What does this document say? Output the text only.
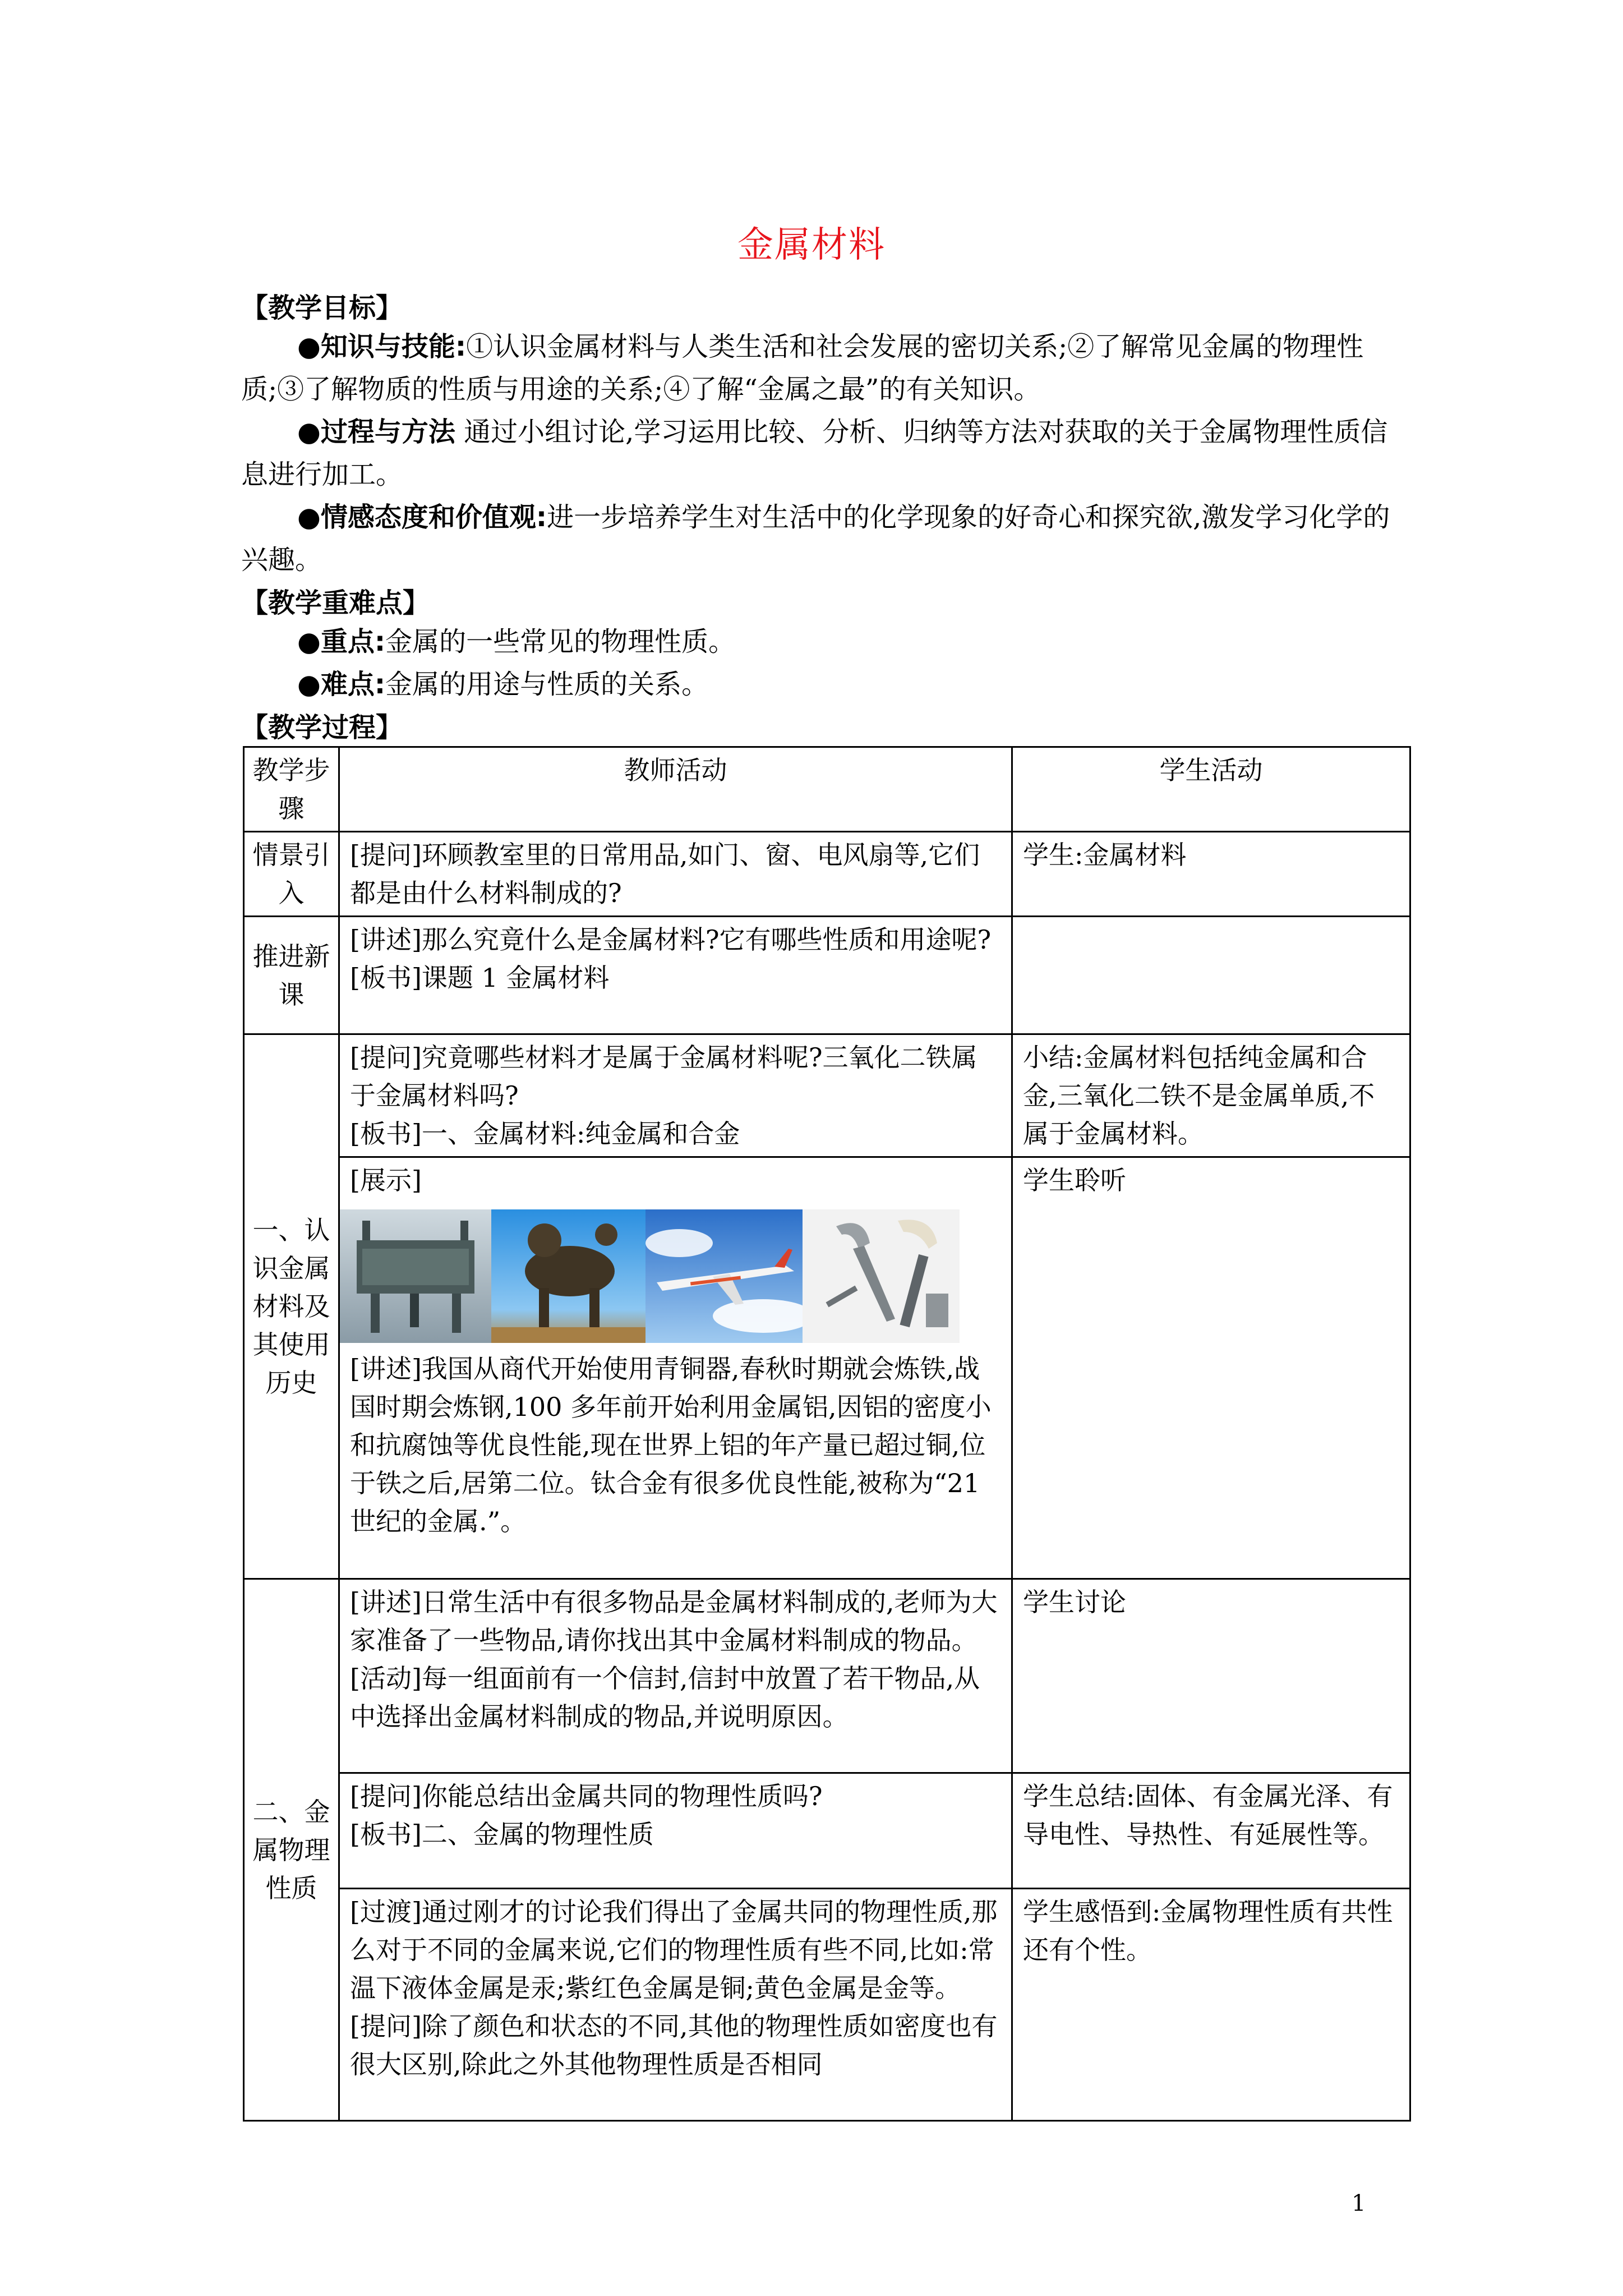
金属材料
【教学目标】
●知识与技能:①认识金属材料与人类生活和社会发展的密切关系;②了解常见金属的物理性质;③了解物质的性质与用途的关系;④了解“金属之最”的有关知识。
●过程与方法 通过小组讨论,学习运用比较、分析、归纳等方法对获取的关于金属物理性质信息进行加工。
●情感态度和价值观:进一步培养学生对生活中的化学现象的好奇心和探究欲,激发学习化学的兴趣。
【教学重难点】
●重点:金属的一些常见的物理性质。
●难点:金属的用途与性质的关系。
【教学过程】
教学步骤	教师活动	学生活动
情景引入	[提问]环顾教室里的日常用品,如门、窗、电风扇等,它们都是由什么材料制成的?	学生:金属材料
推进新课	[讲述]那么究竟什么是金属材料?它有哪些性质和用途呢?
[板书]课题 1 金属材料	

一、认识金属材料及其使用历史	[提问]究竟哪些材料才是属于金属材料呢?三氧化二铁属于金属材料吗?
[板书]一、金属材料:纯金属和合金	小结:金属材料包括纯金属和合金,三氧化二铁不是金属单质,不属于金属材料。

	[展示]
[讲述]我国从商代开始使用青铜器,春秋时期就会炼铁,战国时期会炼钢,100 多年前开始利用金属铝,因铝的密度小和抗腐蚀等优良性能,现在世界上铝的年产量已超过铜,位于铁之后,居第二位。钛合金有很多优良性能,被称为“21 世纪的金属.”。	学生聆听
二、金属物理性质	[讲述]日常生活中有很多物品是金属材料制成的,老师为大家准备了一些物品,请你找出其中金属材料制成的物品。
[活动]每一组面前有一个信封,信封中放置了若干物品,从中选择出金属材料制成的物品,并说明原因。	学生讨论

	[提问]你能总结出金属共同的物理性质吗?
[板书]二、金属的物理性质	学生总结:固体、有金属光泽、有导电性、导热性、有延展性等。

	[过渡]通过刚才的讨论我们得出了金属共同的物理性质,那么对于不同的金属来说,它们的物理性质有些不同,比如:常温下液体金属是汞;紫红色金属是铜;黄色金属是金等。
[提问]除了颜色和状态的不同,其他的物理性质如密度也有很大区别,除此之外其他物理性质是否相同	学生感悟到:金属物理性质有共性还有个性。
1
